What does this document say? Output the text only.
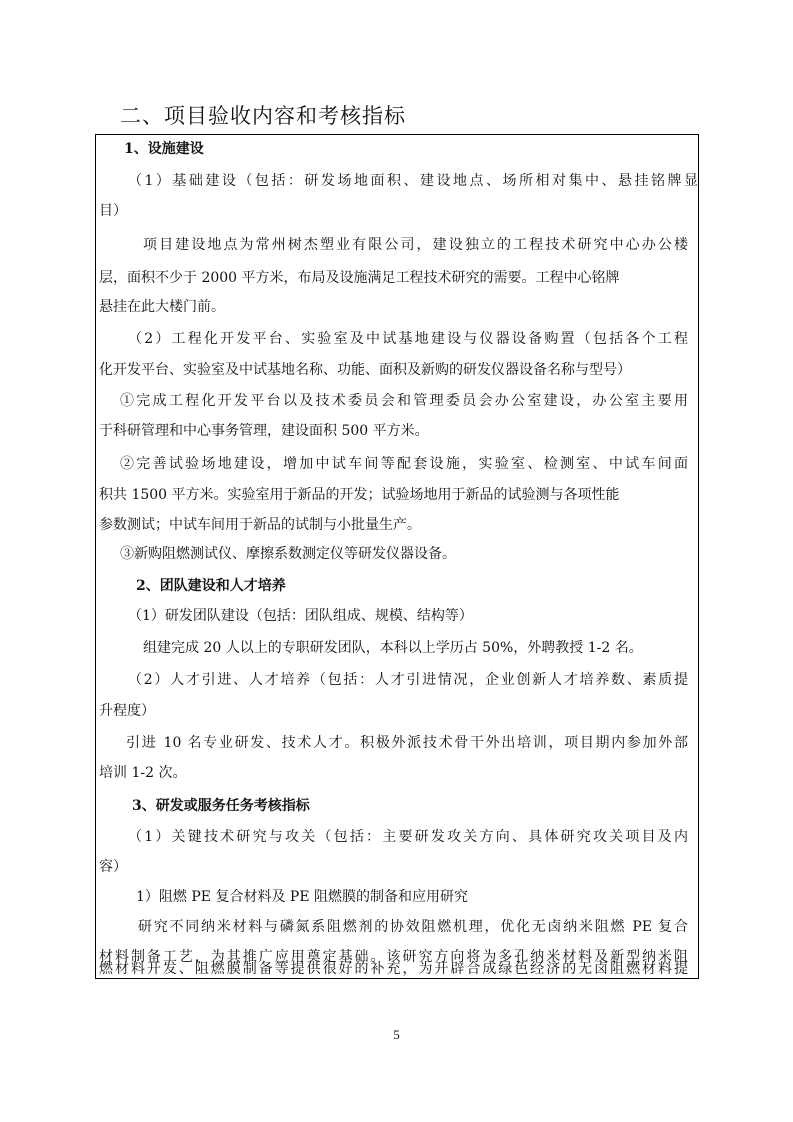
二、项目验收内容和考核指标

1、设施建设

（1）基础建设（包括：研发场地面积、建设地点、场所相对集中、悬挂铭牌显

目）

项目建设地点为常州树杰塑业有限公司，建设独立的工程技术研究中心办公楼

层，面积不少于 2000 平方米，布局及设施满足工程技术研究的需要。工程中心铭牌

悬挂在此大楼门前。

（2）工程化开发平台、实验室及中试基地建设与仪器设备购置（包括各个工程

化开发平台、实验室及中试基地名称、功能、面积及新购的研发仪器设备名称与型号）

①完成工程化开发平台以及技术委员会和管理委员会办公室建设，办公室主要用

于科研管理和中心事务管理，建设面积 500 平方米。

②完善试验场地建设，增加中试车间等配套设施，实验室、检测室、中试车间面

积共 1500 平方米。实验室用于新品的开发；试验场地用于新品的试验测与各项性能

参数测试；中试车间用于新品的试制与小批量生产。

③新购阻燃测试仪、摩擦系数测定仪等研发仪器设备。

2、团队建设和人才培养

（1）研发团队建设（包括：团队组成、规模、结构等）

组建完成 20 人以上的专职研发团队，本科以上学历占 50%，外聘教授 1-2 名。

（2）人才引进、人才培养（包括：人才引进情况，企业创新人才培养数、素质提

升程度）

引进 10 名专业研发、技术人才。积极外派技术骨干外出培训，项目期内参加外部

培训 1-2 次。

3、研发或服务任务考核指标

（1）关键技术研究与攻关（包括：主要研发攻关方向、具体研究攻关项目及内

容）

1）阻燃 PE 复合材料及 PE 阻燃膜的制备和应用研究

研究不同纳米材料与磷氮系阻燃剂的协效阻燃机理，优化无卤纳米阻燃 PE 复合

材料制备工艺，为其推广应用奠定基础。该研究方向将为多孔纳米材料及新型纳米阻

燃材料开发、阻燃膜制备等提供很好的补充，为开辟合成绿色经济的无卤阻燃材料提

5
